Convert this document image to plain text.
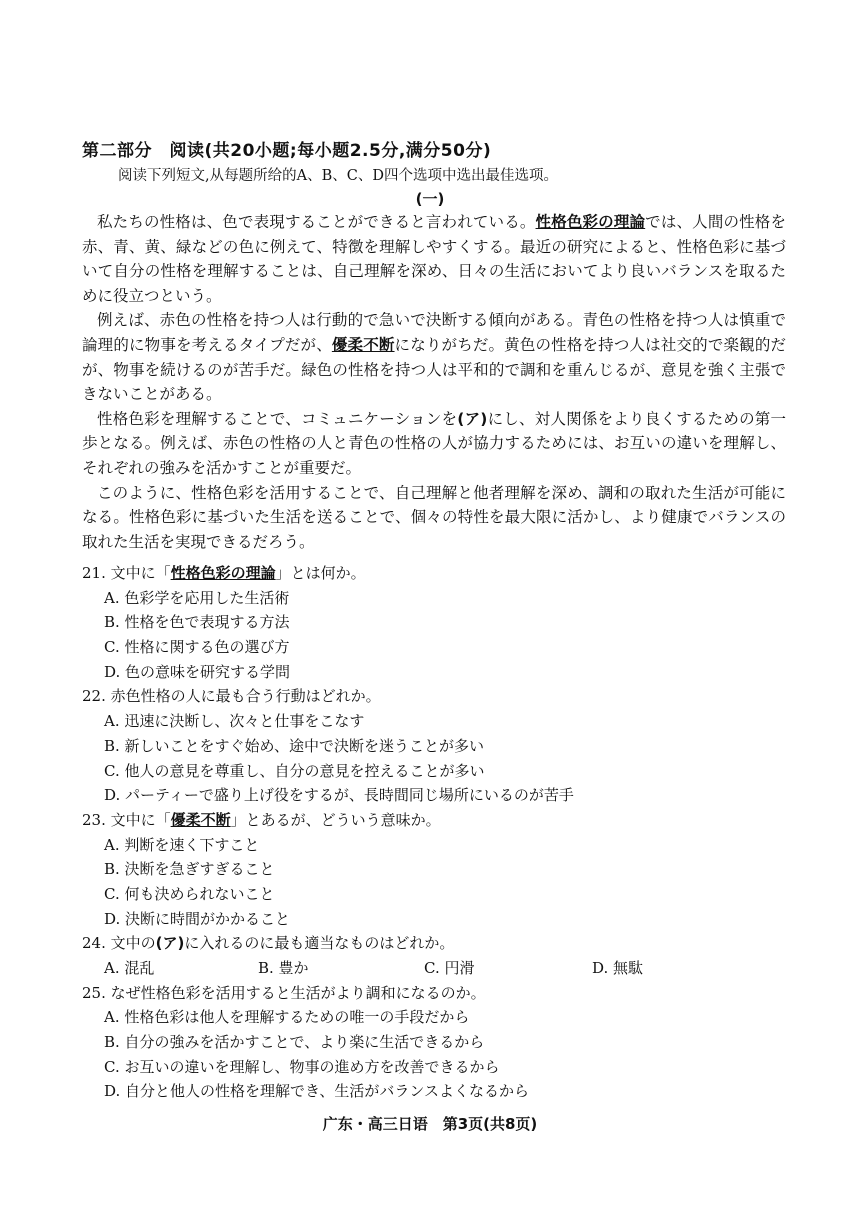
第二部分　阅读(共20小题;每小题2.5分,满分50分)
阅读下列短文,从每题所给的A、B、C、D四个选项中选出最佳选项。
(一)

私たちの性格は、色で表現することができると言われている。性格色彩の理論では、人間の性格を赤、青、黄、緑などの色に例えて、特徴を理解しやすくする。最近の研究によると、性格色彩に基づいて自分の性格を理解することは、自己理解を深め、日々の生活においてより良いバランスを取るために役立つという。

例えば、赤色の性格を持つ人は行動的で急いで決断する傾向がある。青色の性格を持つ人は慎重で論理的に物事を考えるタイプだが、優柔不断になりがちだ。黄色の性格を持つ人は社交的で楽観的だが、物事を続けるのが苦手だ。緑色の性格を持つ人は平和的で調和を重んじるが、意見を強く主張できないことがある。

性格色彩を理解することで、コミュニケーションを(ア)にし、対人関係をより良くするための第一歩となる。例えば、赤色の性格の人と青色の性格の人が協力するためには、お互いの違いを理解し、それぞれの強みを活かすことが重要だ。

このように、性格色彩を活用することで、自己理解と他者理解を深め、調和の取れた生活が可能になる。性格色彩に基づいた生活を送ることで、個々の特性を最大限に活かし、より健康でバランスの取れた生活を実現できるだろう。

21. 文中に「性格色彩の理論」とは何か。
A. 色彩学を応用した生活術
B. 性格を色で表現する方法
C. 性格に関する色の選び方
D. 色の意味を研究する学問
22. 赤色性格の人に最も合う行動はどれか。
A. 迅速に決断し、次々と仕事をこなす
B. 新しいことをすぐ始め、途中で決断を迷うことが多い
C. 他人の意見を尊重し、自分の意見を控えることが多い
D. パーティーで盛り上げ役をするが、長時間同じ場所にいるのが苦手
23. 文中に「優柔不断」とあるが、どういう意味か。
A. 判断を速く下すこと
B. 決断を急ぎすぎること
C. 何も決められないこと
D. 決断に時間がかかること
24. 文中の(ア)に入れるのに最も適当なものはどれか。
A. 混乱	B. 豊か	C. 円滑	D. 無駄
25. なぜ性格色彩を活用すると生活がより調和になるのか。
A. 性格色彩は他人を理解するための唯一の手段だから
B. 自分の強みを活かすことで、より楽に生活できるから
C. お互いの違いを理解し、物事の進め方を改善できるから
D. 自分と他人の性格を理解でき、生活がバランスよくなるから
广东・高三日语　第3页(共8页)
